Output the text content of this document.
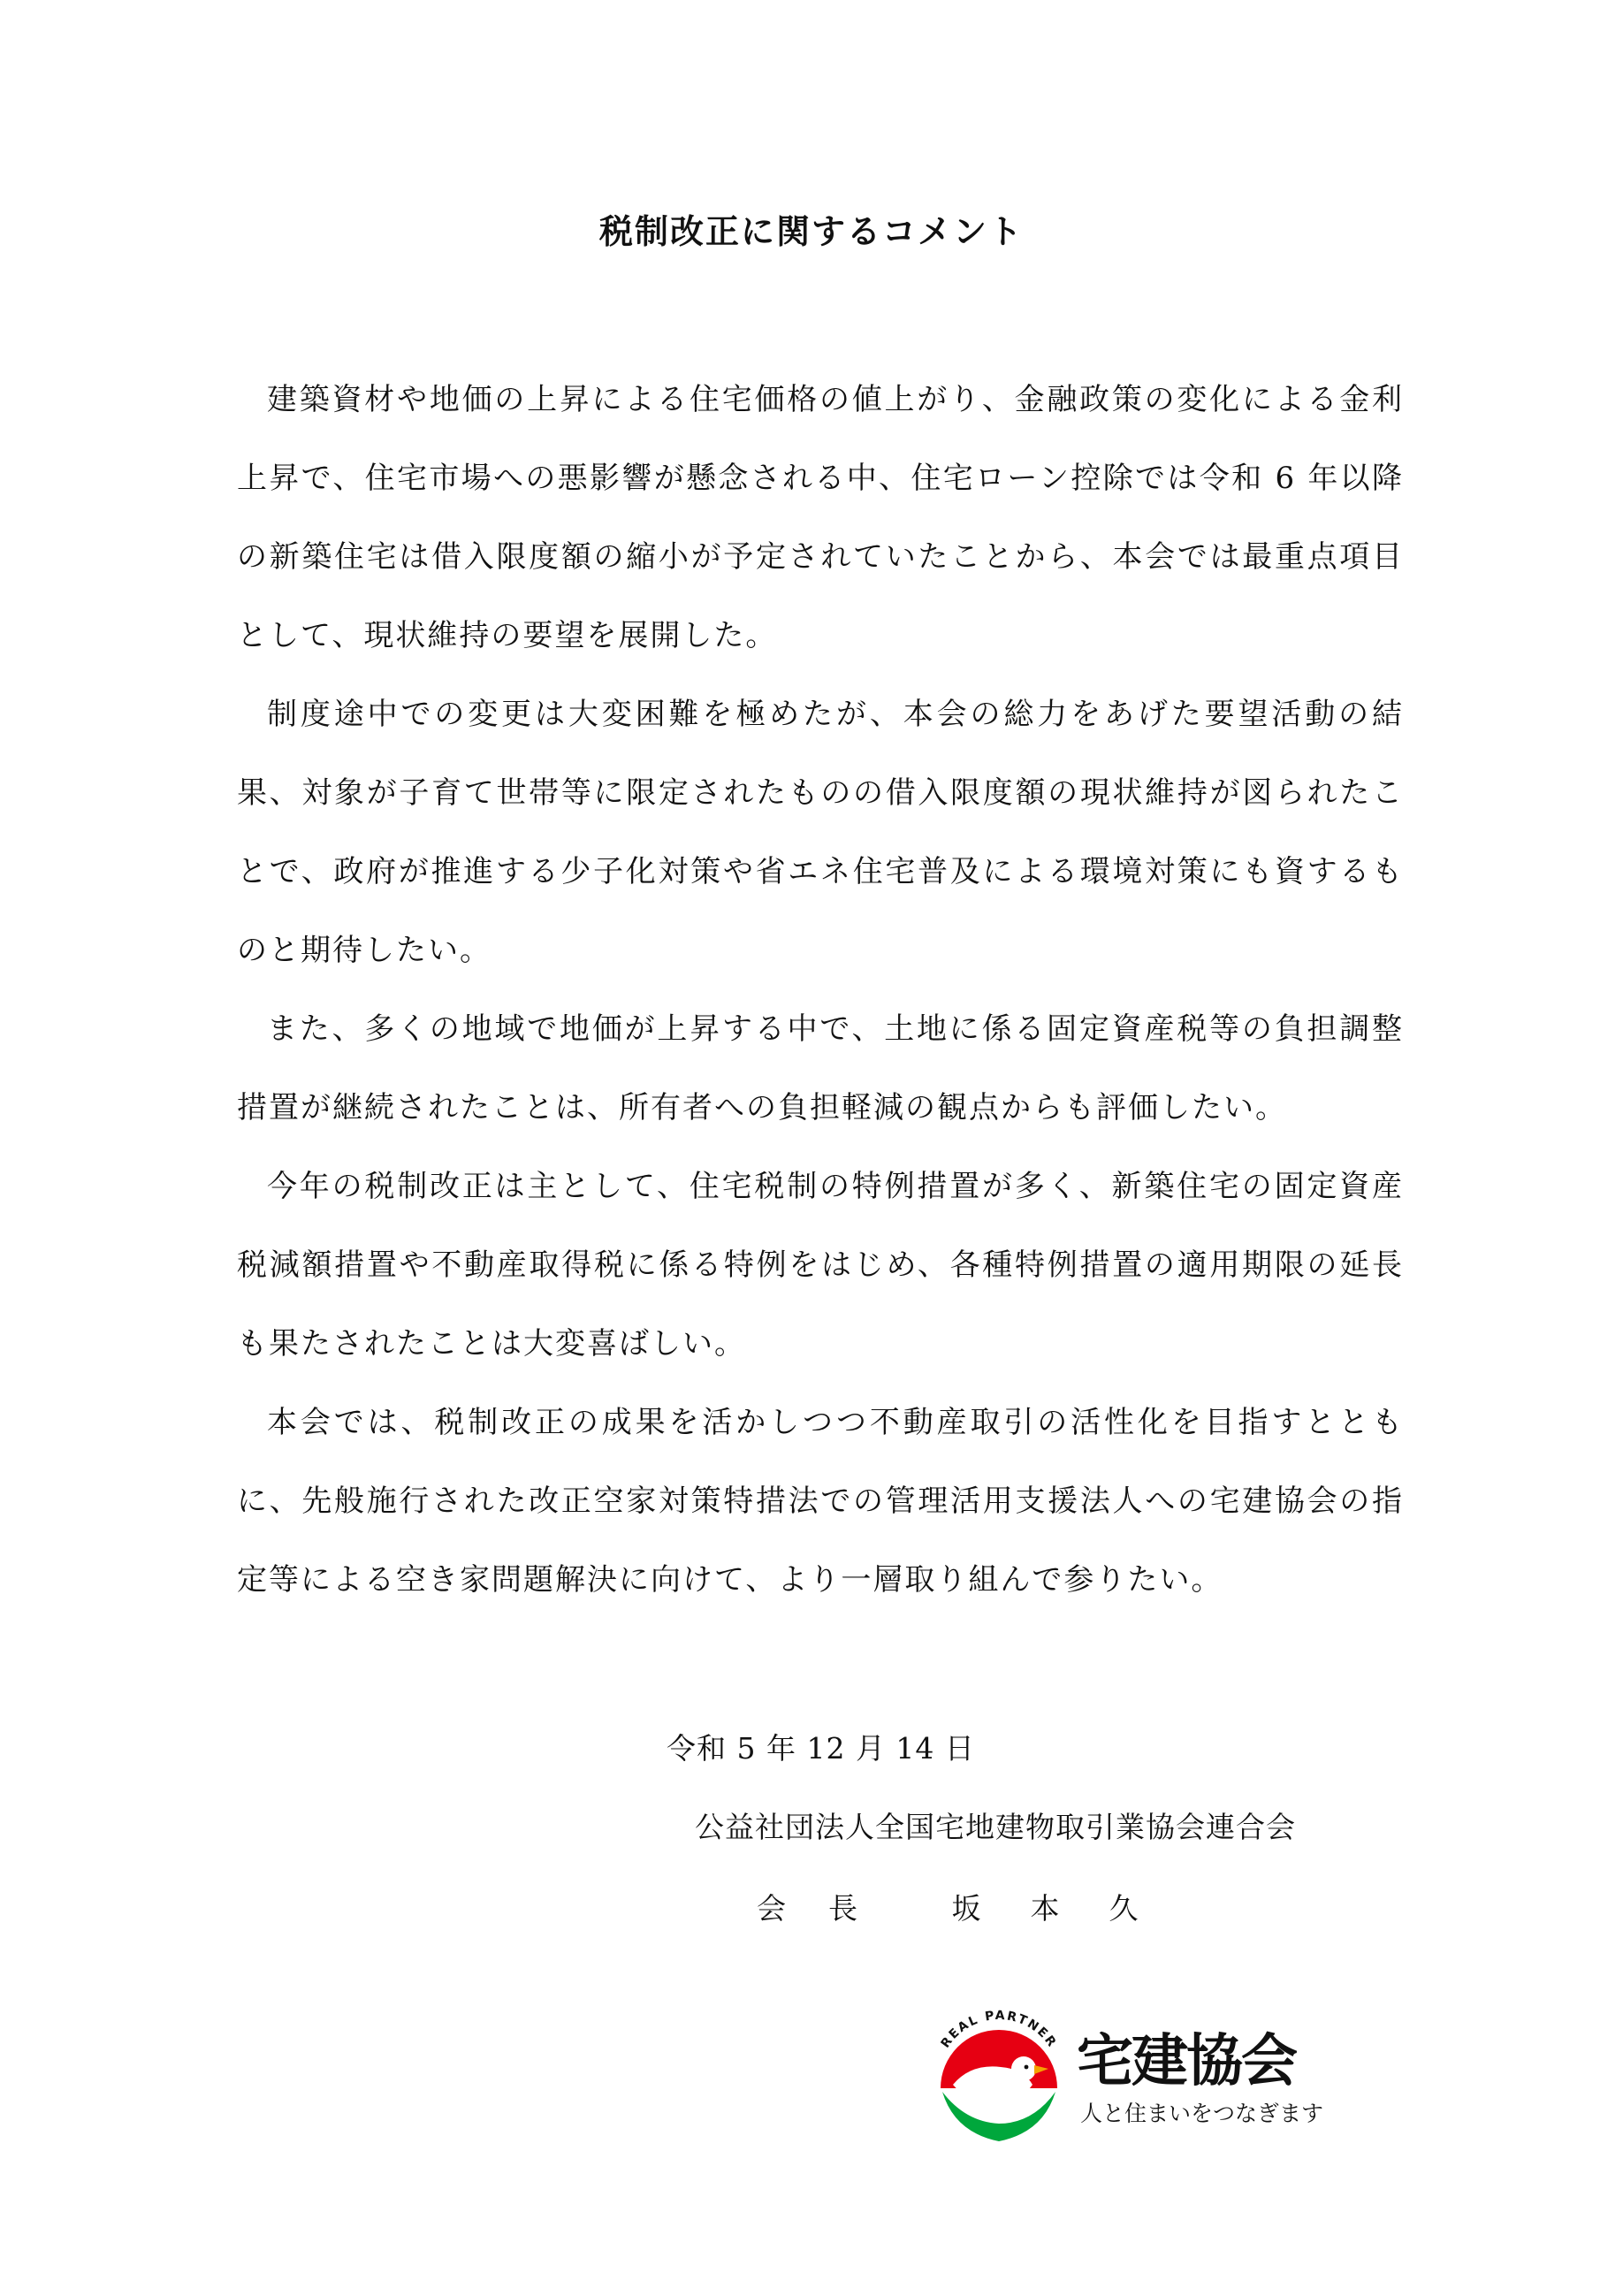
税制改正に関するコメント

建築資材や地価の上昇による住宅価格の値上がり、金融政策の変化による金利上昇で、住宅市場への悪影響が懸念される中、住宅ローン控除では令和 6 年以降の新築住宅は借入限度額の縮小が予定されていたことから、本会では最重点項目として、現状維持の要望を展開した。

制度途中での変更は大変困難を極めたが、本会の総力をあげた要望活動の結果、対象が子育て世帯等に限定されたものの借入限度額の現状維持が図られたことで、政府が推進する少子化対策や省エネ住宅普及による環境対策にも資するものと期待したい。

また、多くの地域で地価が上昇する中で、土地に係る固定資産税等の負担調整措置が継続されたことは、所有者への負担軽減の観点からも評価したい。

今年の税制改正は主として、住宅税制の特例措置が多く、新築住宅の固定資産税減額措置や不動産取得税に係る特例をはじめ、各種特例措置の適用期限の延長も果たされたことは大変喜ばしい。

本会では、税制改正の成果を活かしつつ不動産取引の活性化を目指すとともに、先般施行された改正空家対策特措法での管理活用支援法人への宅建協会の指定等による空き家問題解決に向けて、より一層取り組んで参りたい。

令和 5 年 12 月 14 日
公益社団法人全国宅地建物取引業協会連合会
会長 坂本久
REAL PARTNER 宅建協会
人と住まいをつなぎます
